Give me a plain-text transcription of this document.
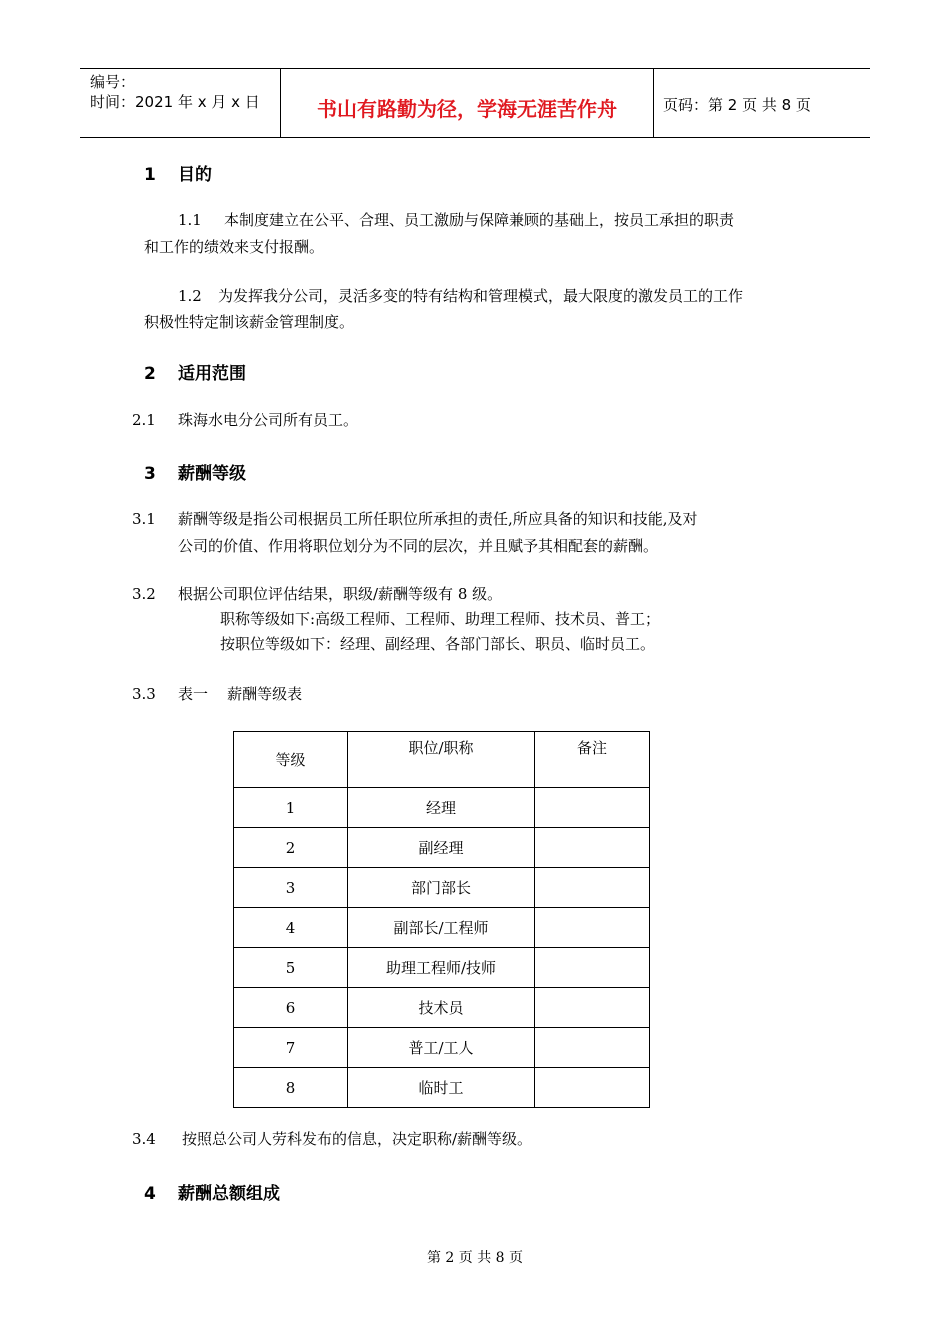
编号：
时间：2021 年 x 月 x 日	书山有路勤为径，学海无涯苦作舟	页码：第 2 页 共 8 页
1 目的
1.1 本制度建立在公平、合理、员工激励与保障兼顾的基础上，按员工承担的职责
和工作的绩效来支付报酬。
1.2 为发挥我分公司，灵活多变的特有结构和管理模式，最大限度的激发员工的工作
积极性特定制该薪金管理制度。
2 适用范围
2.1 珠海水电分公司所有员工。
3 薪酬等级
3.1 薪酬等级是指公司根据员工所任职位所承担的责任,所应具备的知识和技能,及对
公司的价值、作用将职位划分为不同的层次，并且赋予其相配套的薪酬。
3.2 根据公司职位评估结果，职级/薪酬等级有 8 级。
职称等级如下:高级工程师、工程师、助理工程师、技术员、普工；
按职位等级如下：经理、副经理、各部门部长、职员、临时员工。
3.3 表一    薪酬等级表
等级	职位/职称	备注
1	经理	
2	副经理	
3	部门部长	
4	副部长/工程师	
5	助理工程师/技师	
6	技术员	
7	普工/工人	
8	临时工	
3.4 按照总公司人劳科发布的信息，决定职称/薪酬等级。
4 薪酬总额组成
第 2 页 共 8 页
